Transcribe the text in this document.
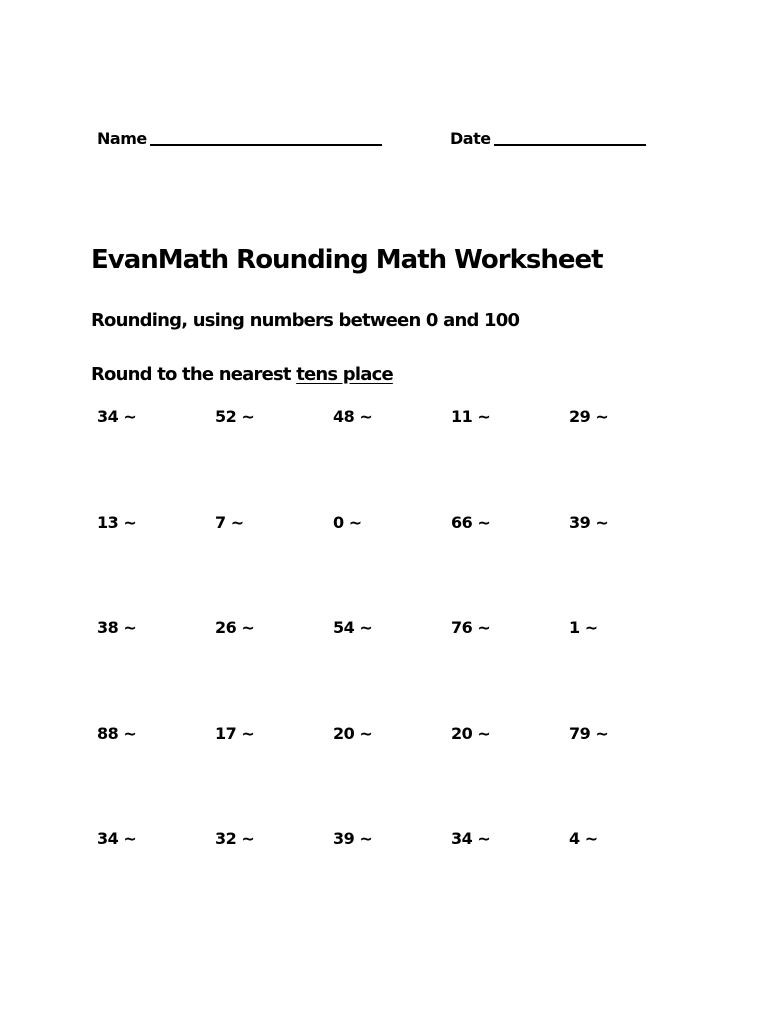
Name	Date
EvanMath Rounding Math Worksheet

Rounding, using numbers between 0 and 100

Round to the nearest tens place

34 ~	52 ~	48 ~	11 ~	29 ~
13 ~	7 ~	0 ~	66 ~	39 ~
38 ~	26 ~	54 ~	76 ~	1 ~
88 ~	17 ~	20 ~	20 ~	79 ~
34 ~	32 ~	39 ~	34 ~	4 ~
